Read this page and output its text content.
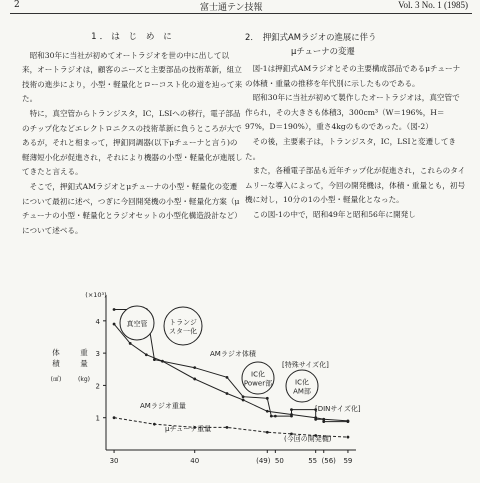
2	富士通テン技報	Vol. 3 No. 1 (1985)
1．は じ め に

昭和30年に当社が初めてオートラジオを世の中に出して以来，オートラジオは，顧客のニーズと主要部品の技術革新，組立技術の進歩により，小型・軽量化とローコスト化の道を辿って来た。

特に，真空管からトランジスタ，IC，LSIへの移行，電子部品のチップ化などエレクトロニクスの技術革新に負うところが大であるが，それと相まって，押釦同調器(以下μチューナと言う)の軽薄短小化が促進され，それにより機器の小型・軽量化が進展してきたと言える。

そこで，押釦式AMラジオとμチューナの小型・軽量化の変遷について最初に述べ，つぎに今回開発機の小型・軽量化方案（μチューナの小型・軽量化とラジオセットの小型化構造設計など）について述べる。

2．　押釦式AMラジオの進展に伴う
μチューナの変遷

図-1は押釦式AMラジオとその主要構成部品であるμチューナの体積・重量の推移を年代別に示したものである。

昭和30年に当社が初めて製作したオートラジオは，真空管で作られ，その大きさも体積3，300cm³（W＝196%，H＝97%，D＝190%），重さ4kgのものであった。（図-2）

その後，主要素子は，トランジスタ，IC，LSIと変遷してきた。

また，各種電子部品も近年チップ化が促進され，これらのタイムリーな導入によって，今回の開発機は，体積・重量とも，初号機に対し，10分の1の小型・軽量化となった。

この図-1の中で，昭和49年と昭和56年に開発し

30	40	(49) 50	55 (56) 59
1
2
3
4
(×10³)
体
積
(㎤)
重
量
(kg)
真空管	トランジ
スタ一化
IC化
Power部	IC化
AM部
AMラジオ体積
AMラジオ重量
μチューナ重量
[特殊サイズ化]
[DINサイズ化]
(今回の開発機)
